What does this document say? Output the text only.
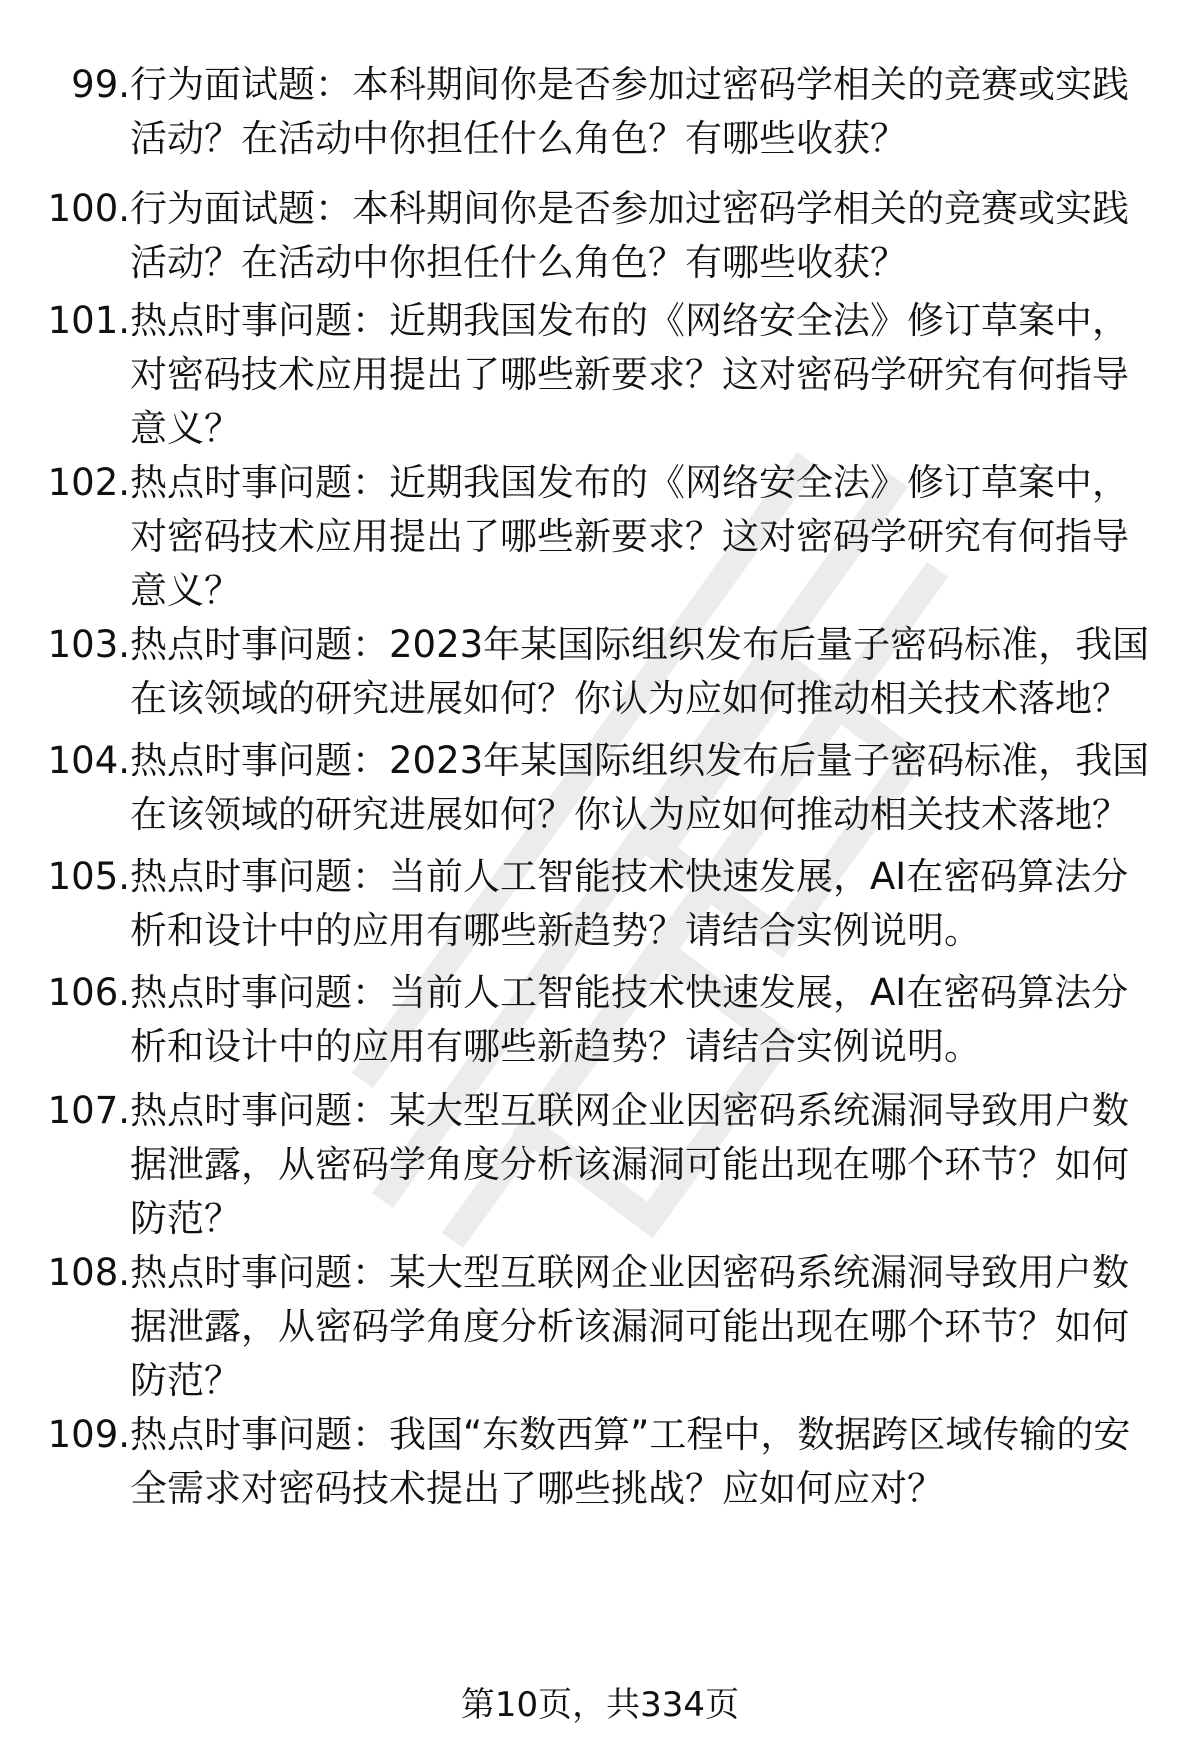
99. 行为面试题：本科期间你是否参加过密码学相关的竞赛或实践活动？在活动中你担任什么角色？有哪些收获？
100. 行为面试题：本科期间你是否参加过密码学相关的竞赛或实践活动？在活动中你担任什么角色？有哪些收获？
101. 热点时事问题：近期我国发布的《网络安全法》修订草案中，对密码技术应用提出了哪些新要求？这对密码学研究有何指导意义？
102. 热点时事问题：近期我国发布的《网络安全法》修订草案中，对密码技术应用提出了哪些新要求？这对密码学研究有何指导意义？
103. 热点时事问题：2023年某国际组织发布后量子密码标准，我国在该领域的研究进展如何？你认为应如何推动相关技术落地？
104. 热点时事问题：2023年某国际组织发布后量子密码标准，我国在该领域的研究进展如何？你认为应如何推动相关技术落地？
105. 热点时事问题：当前人工智能技术快速发展，AI在密码算法分析和设计中的应用有哪些新趋势？请结合实例说明。
106. 热点时事问题：当前人工智能技术快速发展，AI在密码算法分析和设计中的应用有哪些新趋势？请结合实例说明。
107. 热点时事问题：某大型互联网企业因密码系统漏洞导致用户数据泄露，从密码学角度分析该漏洞可能出现在哪个环节？如何防范？
108. 热点时事问题：某大型互联网企业因密码系统漏洞导致用户数据泄露，从密码学角度分析该漏洞可能出现在哪个环节？如何防范？
109. 热点时事问题：我国“东数西算”工程中，数据跨区域传输的安全需求对密码技术提出了哪些挑战？应如何应对？
第10页，共334页
